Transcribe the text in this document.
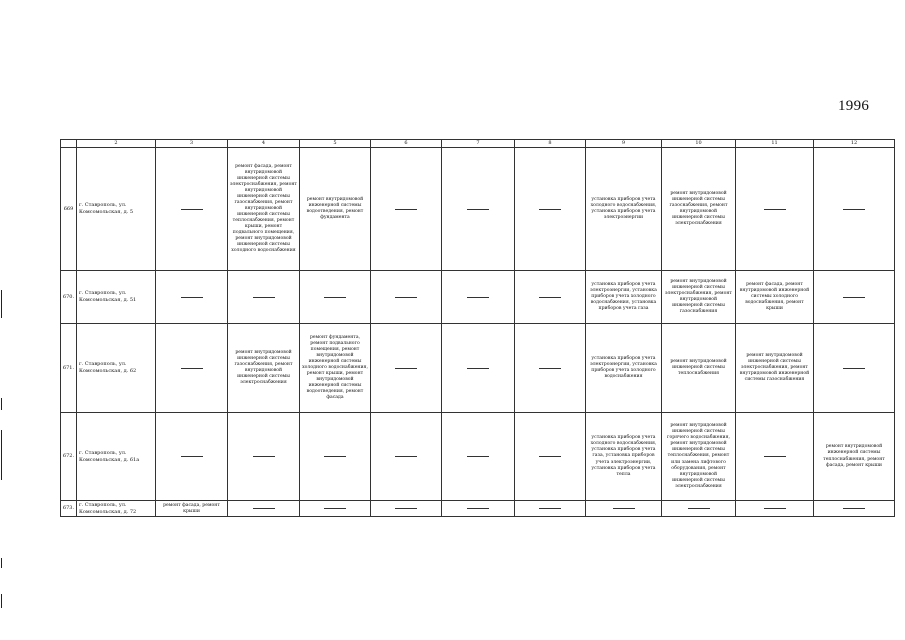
1996
	2	3	4	5	6	7	8	9	10	11	12
669	г. Ставрополь, ул. Комсомольская, д. 5		ремонт фасада, ремонт внутридомовой инженерной системы электроснабжения, ремонт внутридомовой инженерной системы газоснабжения, ремонт внутридомовой инженерной системы теплоснабжения, ремонт крыши, ремонт подвального помещения, ремонт внутридомовой инженерной системы холодного водоснабжения	ремонт внутридомовой инженерной системы водоотведения, ремонт фундамента				установка приборов учета холодного водоснабжения, установка приборов учета электроэнергии	ремонт внутридомовой инженерной системы газоснабжения, ремонт внутридомовой инженерной системы электроснабжения	

670.	г. Ставрополь, ул. Комсомольская, д. 51							установка приборов учета электроэнергии, установка приборов учета холодного водоснабжения, установка приборов учета газа	ремонт внутридомовой инженерной системы электроснабжения, ремонт внутридомовой инженерной системы газоснабжения	ремонт фасада, ремонт внутридомовой инженерной системы холодного водоснабжения, ремонт крыши	

671.	г. Ставрополь, ул. Комсомольская, д. 62		ремонт внутридомовой инженерной системы газоснабжения, ремонт внутридомовой инженерной системы электроснабжения	ремонт фундамента, ремонт подвального помещения, ремонт внутридомовой инженерной системы холодного водоснабжения, ремонт крыши, ремонт внутридомовой инженерной системы водоотведения, ремонт фасада				установка приборов учета электроэнергии, установка приборов учета холодного водоснабжения	ремонт внутридомовой инженерной системы теплоснабжения	ремонт внутридомовой инженерной системы электроснабжения, ремонт внутридомовой инженерной системы газоснабжения	

672.	г. Ставрополь, ул. Комсомольская, д. 61а							установка приборов учета холодного водоснабжения, установка приборов учета газа, установка приборов учета электроэнергии, установка приборов учета тепла	ремонт внутридомовой инженерной системы горячего водоснабжения, ремонт внутридомовой инженерной системы теплоснабжения, ремонт или замена лифтового оборудования, ремонт внутридомовой инженерной системы электроснабжения		ремонт внутридомовой инженерной системы теплоснабжения, ремонт фасада, ремонт крыши
673.	г. Ставрополь, ул. Комсомольская, д. 72	ремонт фасада, ремонт крыши	
